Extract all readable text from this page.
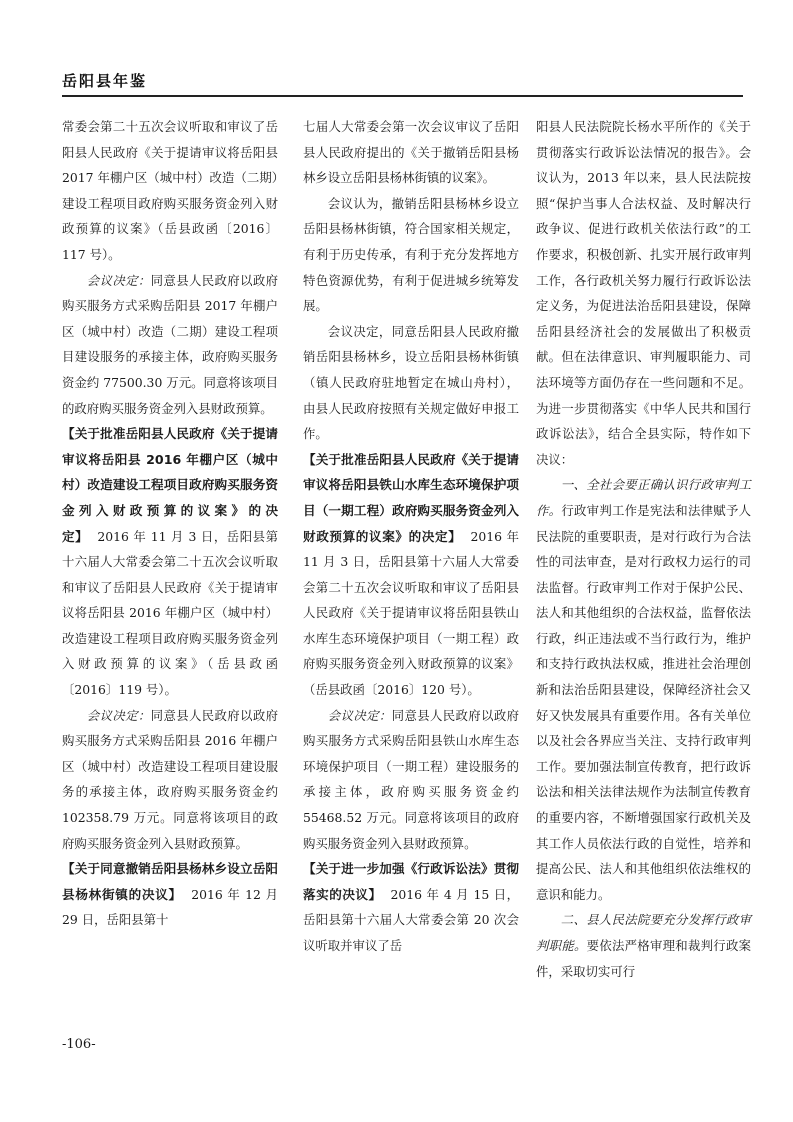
岳阳县年鉴

常委会第二十五次会议听取和审议了岳阳县人民政府《关于提请审议将岳阳县 2017 年棚户区（城中村）改造（二期）建设工程项目政府购买服务资金列入财政预算的议案》（岳县政函〔2016〕117 号）。

会议决定：同意县人民政府以政府购买服务方式采购岳阳县 2017 年棚户区（城中村）改造（二期）建设工程项目建设服务的承接主体，政府购买服务资金约 77500.30 万元。同意将该项目的政府购买服务资金列入县财政预算。

【关于批准岳阳县人民政府《关于提请审议将岳阳县 2016 年棚户区（城中村）改造建设工程项目政府购买服务资金列入财政预算的议案》的决定】 2016 年 11 月 3 日，岳阳县第十六届人大常委会第二十五次会议听取和审议了岳阳县人民政府《关于提请审议将岳阳县 2016 年棚户区（城中村）改造建设工程项目政府购买服务资金列入财政预算的议案》（岳县政函〔2016〕119 号）。

会议决定：同意县人民政府以政府购买服务方式采购岳阳县 2016 年棚户区（城中村）改造建设工程项目建设服务的承接主体，政府购买服务资金约 102358.79 万元。同意将该项目的政府购买服务资金列入县财政预算。

【关于同意撤销岳阳县杨林乡设立岳阳县杨林街镇的决议】 2016 年 12 月 29 日，岳阳县第十

七届人大常委会第一次会议审议了岳阳县人民政府提出的《关于撤销岳阳县杨林乡设立岳阳县杨林街镇的议案》。

会议认为，撤销岳阳县杨林乡设立岳阳县杨林街镇，符合国家相关规定，有利于历史传承，有利于充分发挥地方特色资源优势，有利于促进城乡统筹发展。

会议决定，同意岳阳县人民政府撤销岳阳县杨林乡，设立岳阳县杨林街镇（镇人民政府驻地暂定在城山舟村），由县人民政府按照有关规定做好申报工作。

【关于批准岳阳县人民政府《关于提请审议将岳阳县铁山水库生态环境保护项目（一期工程）政府购买服务资金列入财政预算的议案》的决定】 2016 年 11 月 3 日，岳阳县第十六届人大常委会第二十五次会议听取和审议了岳阳县人民政府《关于提请审议将岳阳县铁山水库生态环境保护项目（一期工程）政府购买服务资金列入财政预算的议案》（岳县政函〔2016〕120 号）。

会议决定：同意县人民政府以政府购买服务方式采购岳阳县铁山水库生态环境保护项目（一期工程）建设服务的承接主体，政府购买服务资金约 55468.52 万元。同意将该项目的政府购买服务资金列入县财政预算。

【关于进一步加强《行政诉讼法》贯彻落实的决议】 2016 年 4 月 15 日，岳阳县第十六届人大常委会第 20 次会议听取并审议了岳

阳县人民法院院长杨水平所作的《关于贯彻落实行政诉讼法情况的报告》。会议认为，2013 年以来，县人民法院按照“保护当事人合法权益、及时解决行政争议、促进行政机关依法行政”的工作要求，积极创新、扎实开展行政审判工作，各行政机关努力履行行政诉讼法定义务，为促进法治岳阳县建设，保障岳阳县经济社会的发展做出了积极贡献。但在法律意识、审判履职能力、司法环境等方面仍存在一些问题和不足。为进一步贯彻落实《中华人民共和国行政诉讼法》，结合全县实际，特作如下决议：

一、全社会要正确认识行政审判工作。行政审判工作是宪法和法律赋予人民法院的重要职责，是对行政行为合法性的司法审查，是对行政权力运行的司法监督。行政审判工作对于保护公民、法人和其他组织的合法权益，监督依法行政，纠正违法或不当行政行为，维护和支持行政执法权威，推进社会治理创新和法治岳阳县建设，保障经济社会又好又快发展具有重要作用。各有关单位以及社会各界应当关注、支持行政审判工作。要加强法制宣传教育，把行政诉讼法和相关法律法规作为法制宣传教育的重要内容，不断增强国家行政机关及其工作人员依法行政的自觉性，培养和提高公民、法人和其他组织依法维权的意识和能力。

二、县人民法院要充分发挥行政审判职能。要依法严格审理和裁判行政案件，采取切实可行

-106-
